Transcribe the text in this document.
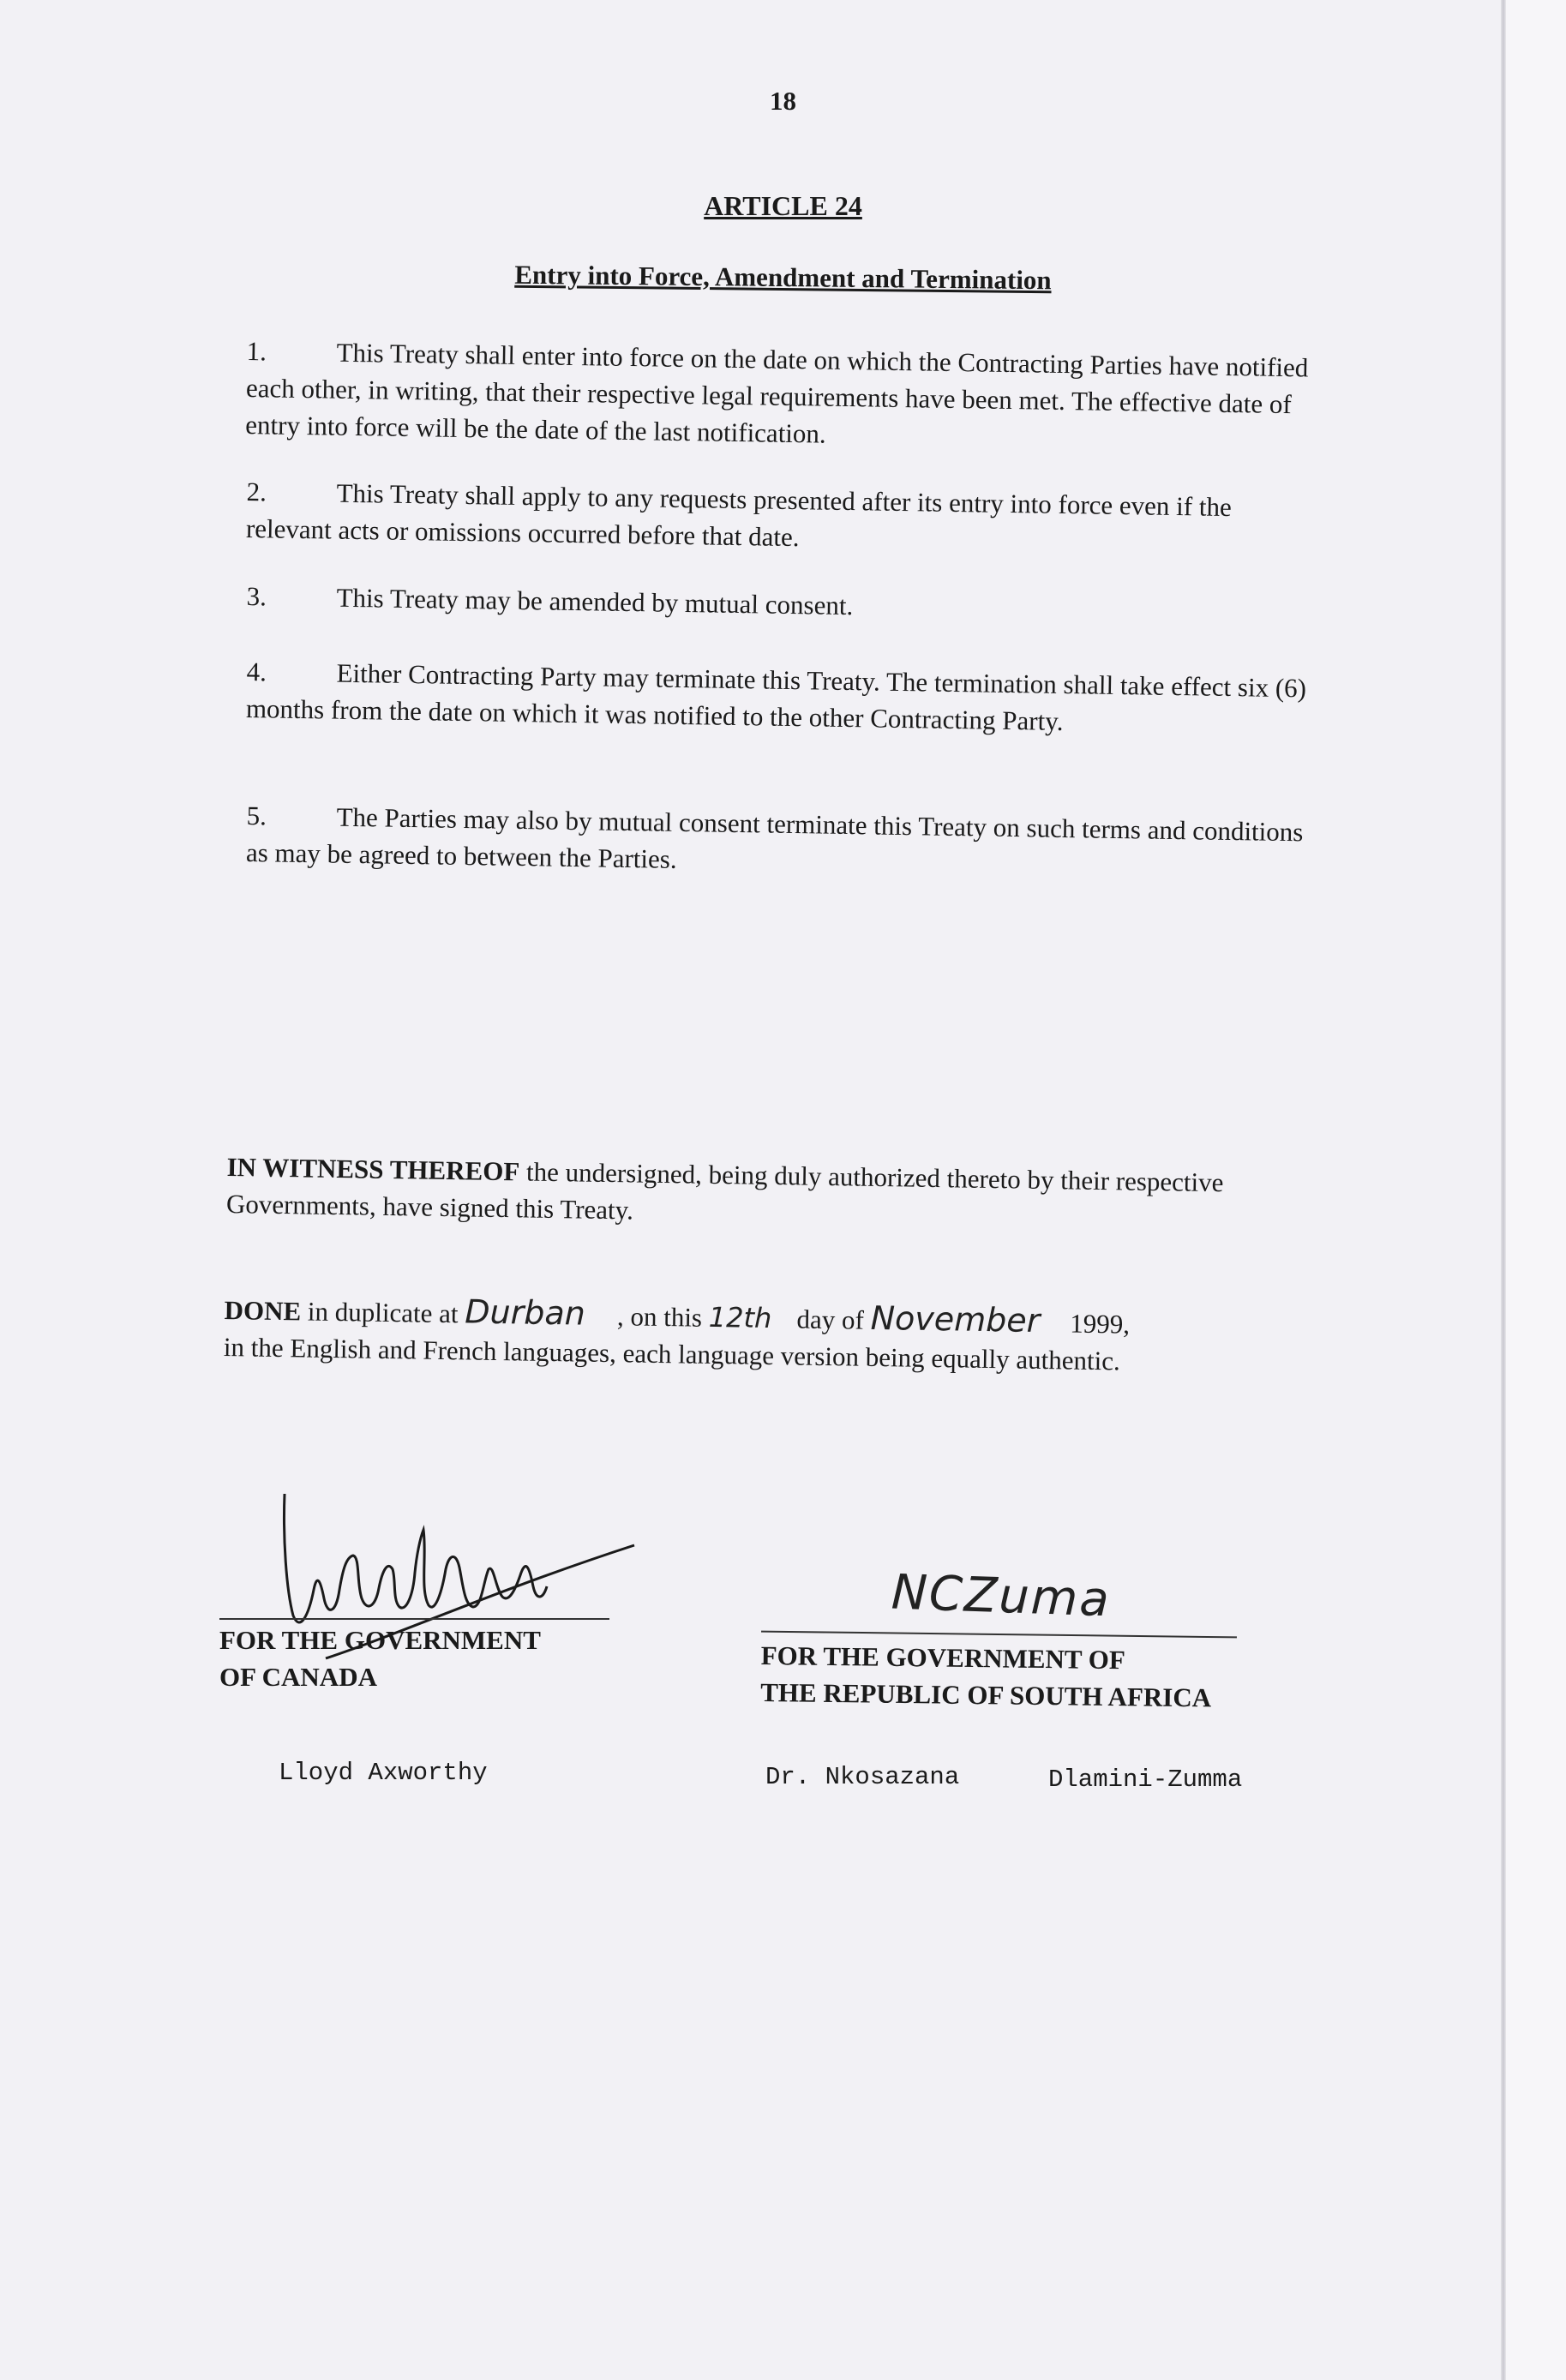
18
ARTICLE 24
Entry into Force, Amendment and Termination
1.	This Treaty shall enter into force on the date on which the Contracting Parties have notified each other, in writing, that their respective legal requirements have been met. The effective date of entry into force will be the date of the last notification.
2.	This Treaty shall apply to any requests presented after its entry into force even if the relevant acts or omissions occurred before that date.
3.	This Treaty may be amended by mutual consent.
4.	Either Contracting Party may terminate this Treaty. The termination shall take effect six (6) months from the date on which it was notified to the other Contracting Party.
5.	The Parties may also by mutual consent terminate this Treaty on such terms and conditions as may be agreed to between the Parties.
IN WITNESS THEREOF the undersigned, being duly authorized thereto by their respective Governments, have signed this Treaty.
DONE in duplicate at Durban , on this 12th day of November 1999,
in the English and French languages, each language version being equally authentic.
FOR THE GOVERNMENT
OF CANADA
Lloyd Axworthy
NCZuma
FOR THE GOVERNMENT OF
THE REPUBLIC OF SOUTH AFRICA
Dr. Nkosazana	Dlamini-Zumma
